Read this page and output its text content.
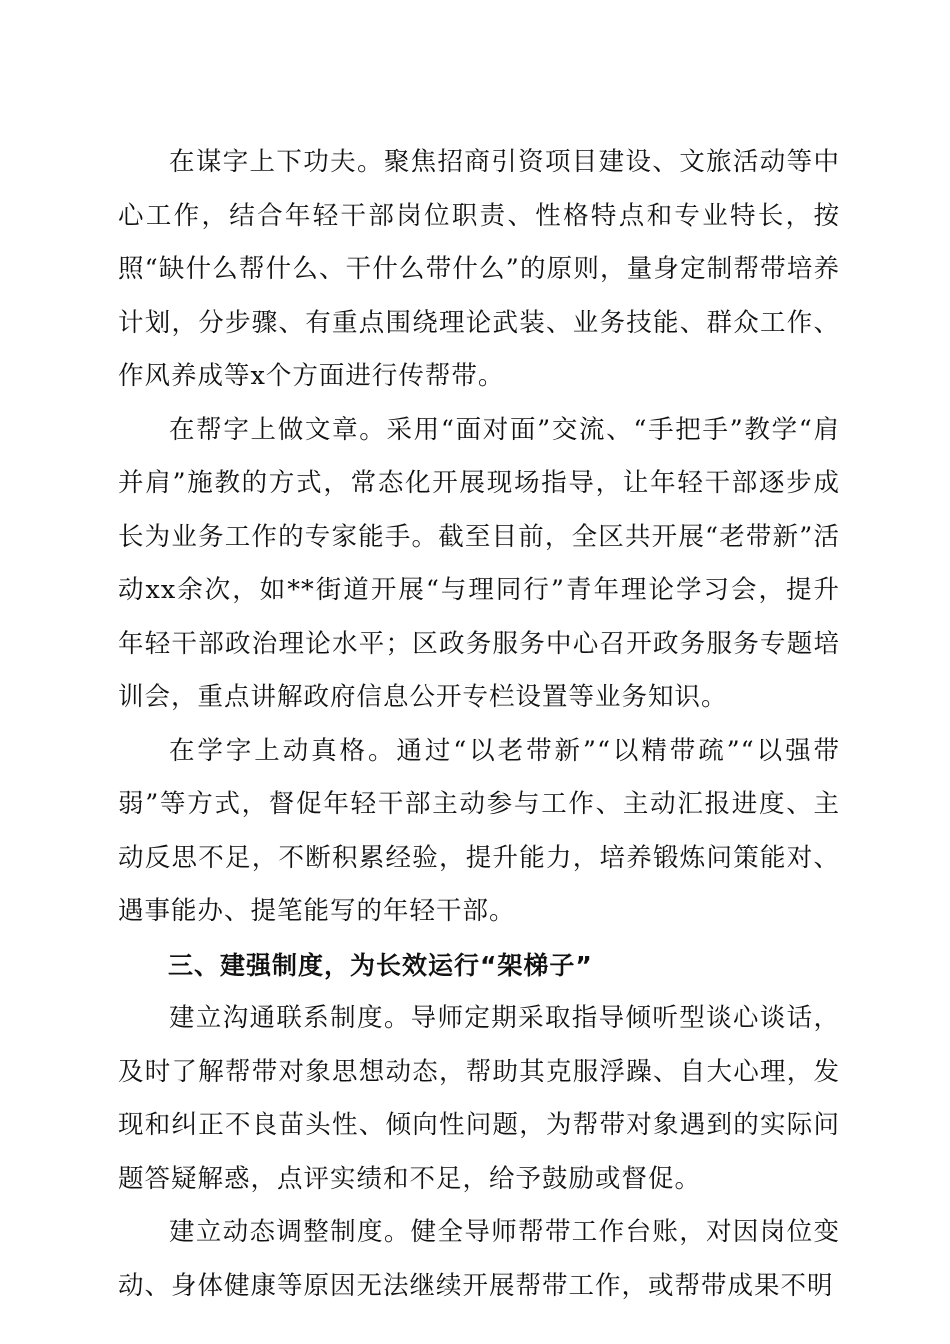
在谋字上下功夫。聚焦招商引资项目建设、文旅活动等中心工作，结合年轻干部岗位职责、性格特点和专业特长，按照“缺什么帮什么、干什么带什么”的原则，量身定制帮带培养计划，分步骤、有重点围绕理论武装、业务技能、群众工作、作风养成等x个方面进行传帮带。

在帮字上做文章。采用“面对面”交流、“手把手”教学“肩并肩”施教的方式，常态化开展现场指导，让年轻干部逐步成长为业务工作的专家能手。截至目前，全区共开展“老带新”活动xx余次，如**街道开展“与理同行”青年理论学习会，提升年轻干部政治理论水平；区政务服务中心召开政务服务专题培训会，重点讲解政府信息公开专栏设置等业务知识。

在学字上动真格。通过“以老带新”“以精带疏”“以强带弱”等方式，督促年轻干部主动参与工作、主动汇报进度、主动反思不足，不断积累经验，提升能力，培养锻炼问策能对、遇事能办、提笔能写的年轻干部。

三、建强制度，为长效运行“架梯子”

建立沟通联系制度。导师定期采取指导倾听型谈心谈话，及时了解帮带对象思想动态，帮助其克服浮躁、自大心理，发现和纠正不良苗头性、倾向性问题，为帮带对象遇到的实际问题答疑解惑，点评实绩和不足，给予鼓励或督促。

建立动态调整制度。健全导师帮带工作台账，对因岗位变动、身体健康等原因无法继续开展帮带工作，或帮带成果不明
